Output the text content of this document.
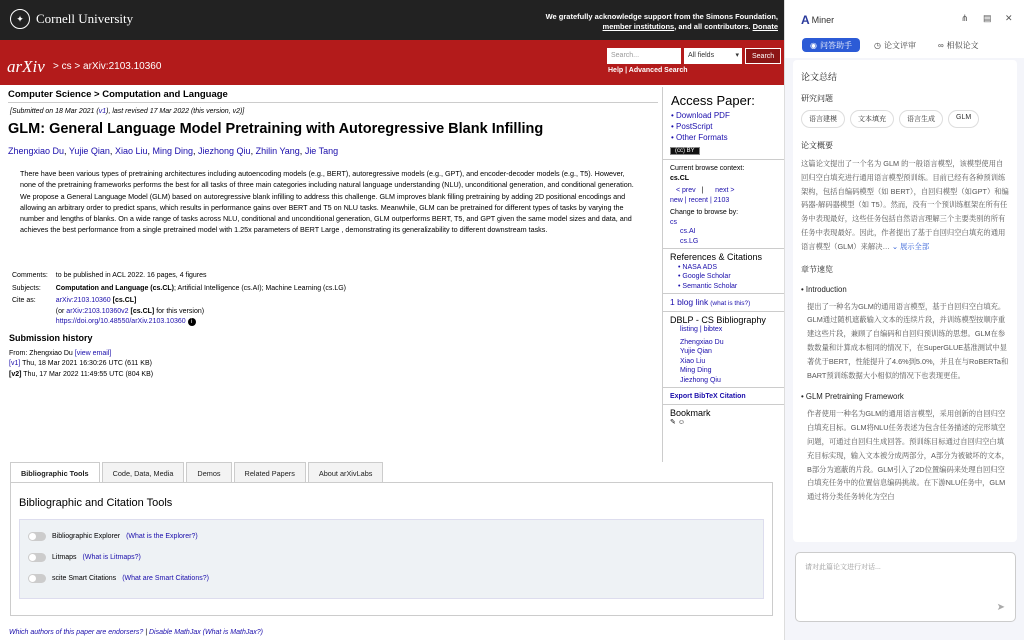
✦ Cornell University	We gratefully acknowledge support from the Simons Foundation,
member institutions, and all contributors. Donate
arXiv > cs > arXiv:2103.10360
Search...	All fields ▾	Search
Help | Advanced Search
Computer Science > Computation and Language
[Submitted on 18 Mar 2021 (v1), last revised 17 Mar 2022 (this version, v2)]
GLM: General Language Model Pretraining with Autoregressive Blank Infilling
Zhengxiao Du, Yujie Qian, Xiao Liu, Ming Ding, Jiezhong Qiu, Zhilin Yang, Jie Tang
There have been various types of pretraining architectures including autoencoding models (e.g., BERT), autoregressive models (e.g., GPT), and encoder-decoder models (e.g., T5). However, none of the pretraining frameworks performs the best for all tasks of three main categories including natural language understanding (NLU), unconditional generation, and conditional generation. We propose a General Language Model (GLM) based on autoregressive blank infilling to address this challenge. GLM improves blank filling pretraining by adding 2D positional encodings and allowing an arbitrary order to predict spans, which results in performance gains over BERT and T5 on NLU tasks. Meanwhile, GLM can be pretrained for different types of tasks by varying the number and lengths of blanks. On a wide range of tasks across NLU, conditional and unconditional generation, GLM outperforms BERT, T5, and GPT given the same model sizes and data, and achieves the best performance from a single pretrained model with 1.25x parameters of BERT Large , demonstrating its generalizability to different downstream tasks.
Comments:	to be published in ACL 2022. 16 pages, 4 figures
Subjects:	Computation and Language (cs.CL); Artificial Intelligence (cs.AI); Machine Learning (cs.LG)
Cite as:	arXiv:2103.10360 [cs.CL]
(or arXiv:2103.10360v2 [cs.CL] for this version)
https://doi.org/10.48550/arXiv.2103.10360 i
Submission history
From: Zhengxiao Du [view email]
[v1] Thu, 18 Mar 2021 16:30:26 UTC (611 KB)
[v2] Thu, 17 Mar 2022 11:49:55 UTC (804 KB)
Access Paper:
• Download PDF
• PostScript
• Other Formats
(cc) BY
Current browse context:
cs.CL
< prev | next >
new | recent | 2103
Change to browse by:
cs
cs.AI
cs.LG
References & Citations
• NASA ADS
• Google Scholar
• Semantic Scholar
1 blog link (what is this?)
DBLP - CS Bibliography
listing | bibtex
Zhengxiao Du
Yujie Qian
Xiao Liu
Ming Ding
Jiezhong Qiu
Export BibTeX Citation
Bookmark
✎ ☺
Bibliographic Tools	Code, Data, Media	Demos	Related Papers	About arXivLabs
Bibliographic and Citation Tools
Bibliographic Explorer (What is the Explorer?)
Litmaps (What is Litmaps?)
scite Smart Citations (What are Smart Citations?)
Which authors of this paper are endorsers? | Disable MathJax (What is MathJax?)
A Miner	⋔ ▤ ✕
◉ 问答助手	◷ 论文评审	∞ 相似论文
论文总结
研究问题
语言建模	文本填充	语言生成	GLM
论文概要
这篇论文提出了一个名为 GLM 的一般语言模型，该模型使用自回归空白填充进行通用语言模型预训练。目前已经有各种预训练架构，包括自编码模型（如 BERT），自回归模型（如GPT）和编码器-解码器模型（如 T5）。然而，没有一个预训练框架在所有任务中表现最好，这些任务包括自然语言理解三个主要类别的所有任务中表现最好。因此，作者提出了基于自回归空白填充的通用语言模型（GLM）来解决… ⌄ 展示全部
章节速览
• Introduction
提出了一种名为GLM的通用语言模型，基于自回归空白填充。GLM通过随机遮蔽输入文本的连续片段，并训练模型按顺序重建这些片段，兼顾了自编码和自回归预训练的思想。GLM在参数数量和计算成本相同的情况下，在SuperGLUE基准测试中显著优于BERT，性能提升了4.6%到5.0%，并且在与RoBERTa和BART预训练数据大小相似的情况下也表现更佳。
• GLM Pretraining Framework
作者使用一种名为GLM的通用语言模型，采用创新的自回归空白填充目标。GLM将NLU任务表述为包含任务描述的完形填空问题，可通过自回归生成回答。预训练目标通过自回归空白填充目标实现，输入文本被分成两部分，A部分为被破坏的文本，B部分为遮蔽的片段。GLM引入了2D位置编码来处理自回归空白填充任务中的位置信息编码挑战。在下游NLU任务中，GLM通过将分类任务转化为空白
请对此篇论文进行对话...
➤
